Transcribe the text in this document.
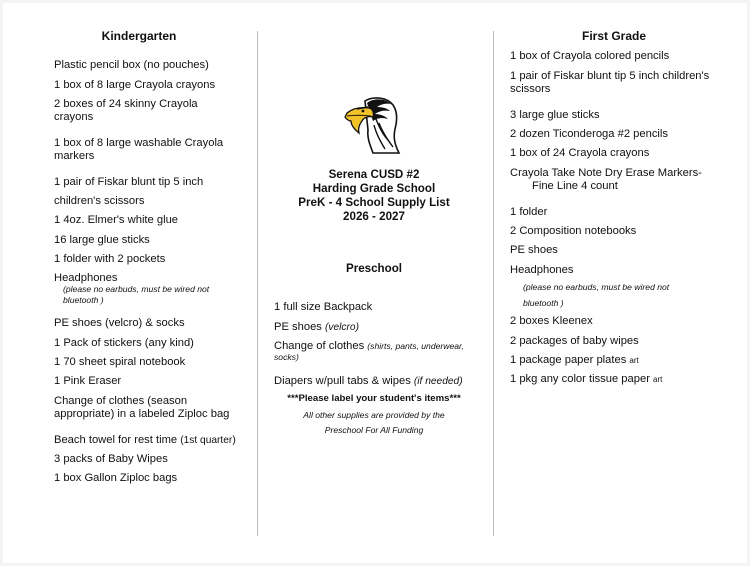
Kindergarten
Plastic pencil box (no pouches)
1 box of 8 large Crayola crayons
2 boxes of 24 skinny Crayola
crayons
1 box of 8 large washable Crayola
markers
1 pair of Fiskar blunt tip 5 inch
children's scissors
1 4oz. Elmer's white glue
16 large glue sticks
1 folder with 2 pockets
Headphones
(please no earbuds, must be wired not
bluetooth )
PE shoes (velcro) & socks
1 Pack of stickers (any kind)
1 70 sheet spiral notebook
1 Pink Eraser
Change of clothes (season
appropriate) in a labeled Ziploc bag
Beach towel for rest time (1st quarter)
3 packs of Baby Wipes
1 box Gallon Ziploc bags
Serena CUSD #2
Harding Grade School
PreK - 4 School Supply List
2026 - 2027
Preschool
1 full size Backpack
PE shoes (velcro)
Change of clothes (shirts, pants, underwear,
socks)
Diapers w/pull tabs & wipes (if needed)
***Please label your student's items***
All other supplies are provided by the
Preschool For All Funding
First Grade
1 box of Crayola colored pencils
1 pair of Fiskar blunt tip 5 inch children's
scissors
3 large glue sticks
2 dozen Ticonderoga #2 pencils
1 box of 24 Crayola crayons
Crayola Take Note Dry Erase Markers-
Fine Line 4 count
1 folder
2 Composition notebooks
PE shoes
Headphones
(please no earbuds, must be wired not
bluetooth )
2 boxes Kleenex
2 packages of baby wipes
1 package paper plates art
1 pkg any color tissue paper art
